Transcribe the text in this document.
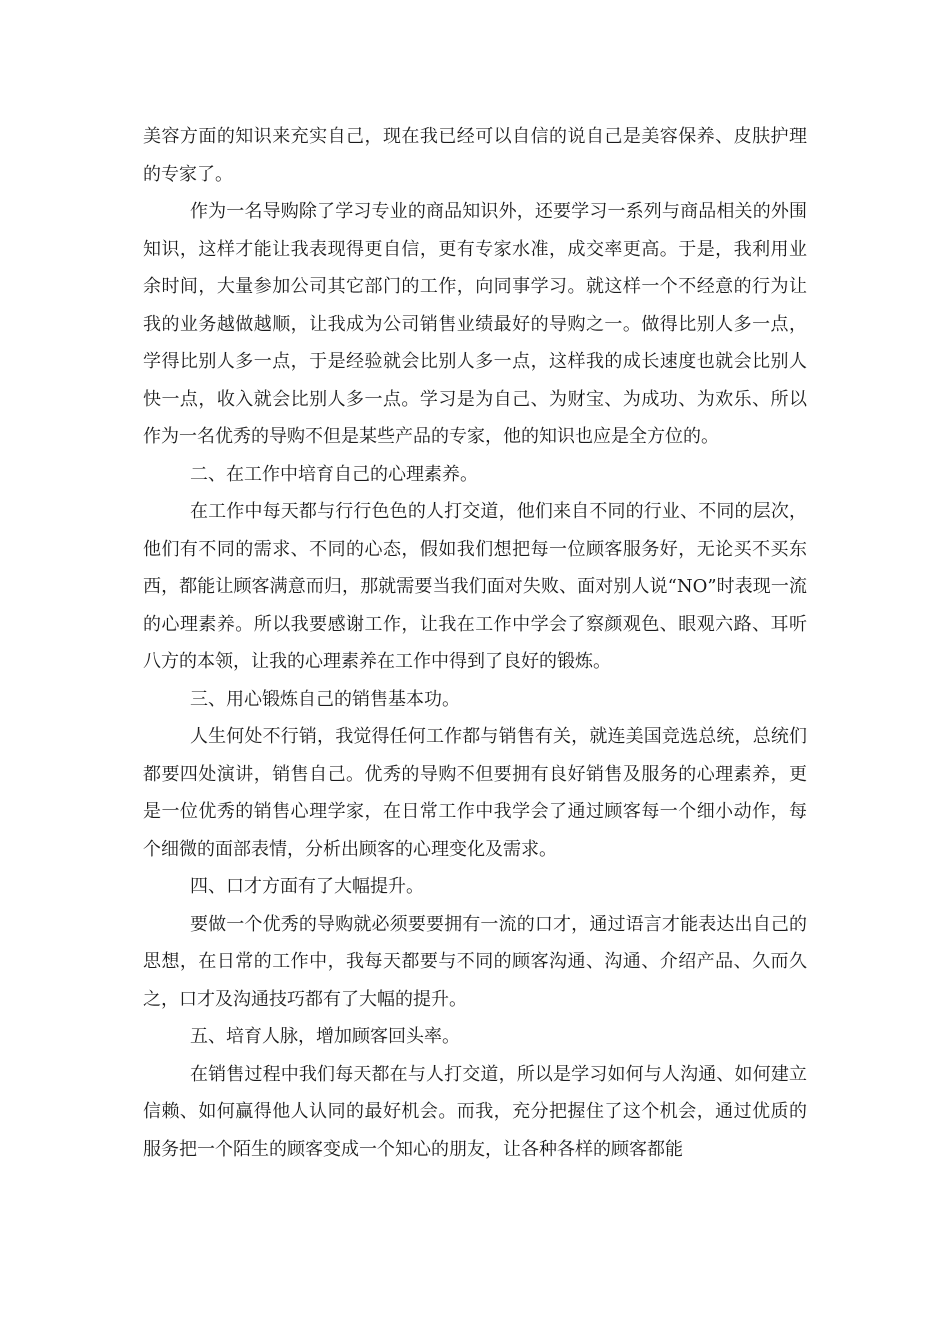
美容方面的知识来充实自己，现在我已经可以自信的说自己是美容保养、皮肤护理的专家了。

作为一名导购除了学习专业的商品知识外，还要学习一系列与商品相关的外围知识，这样才能让我表现得更自信，更有专家水准，成交率更高。于是，我利用业余时间，大量参加公司其它部门的工作，向同事学习。就这样一个不经意的行为让我的业务越做越顺，让我成为公司销售业绩最好的导购之一。做得比别人多一点，学得比别人多一点，于是经验就会比别人多一点，这样我的成长速度也就会比别人快一点，收入就会比别人多一点。学习是为自己、为财宝、为成功、为欢乐、所以作为一名优秀的导购不但是某些产品的专家，他的知识也应是全方位的。

二、在工作中培育自己的心理素养。

在工作中每天都与行行色色的人打交道，他们来自不同的行业、不同的层次，他们有不同的需求、不同的心态，假如我们想把每一位顾客服务好，无论买不买东西，都能让顾客满意而归，那就需要当我们面对失败、面对别人说“NO”时表现一流的心理素养。所以我要感谢工作，让我在工作中学会了察颜观色、眼观六路、耳听八方的本领，让我的心理素养在工作中得到了良好的锻炼。

三、用心锻炼自己的销售基本功。

人生何处不行销，我觉得任何工作都与销售有关，就连美国竞选总统，总统们都要四处演讲，销售自己。优秀的导购不但要拥有良好销售及服务的心理素养，更是一位优秀的销售心理学家，在日常工作中我学会了通过顾客每一个细小动作，每个细微的面部表情，分析出顾客的心理变化及需求。

四、口才方面有了大幅提升。

要做一个优秀的导购就必须要要拥有一流的口才，通过语言才能表达出自己的思想，在日常的工作中，我每天都要与不同的顾客沟通、沟通、介绍产品、久而久之，口才及沟通技巧都有了大幅的提升。

五、培育人脉，增加顾客回头率。

在销售过程中我们每天都在与人打交道，所以是学习如何与人沟通、如何建立信赖、如何赢得他人认同的最好机会。而我，充分把握住了这个机会，通过优质的服务把一个陌生的顾客变成一个知心的朋友，让各种各样的顾客都能
